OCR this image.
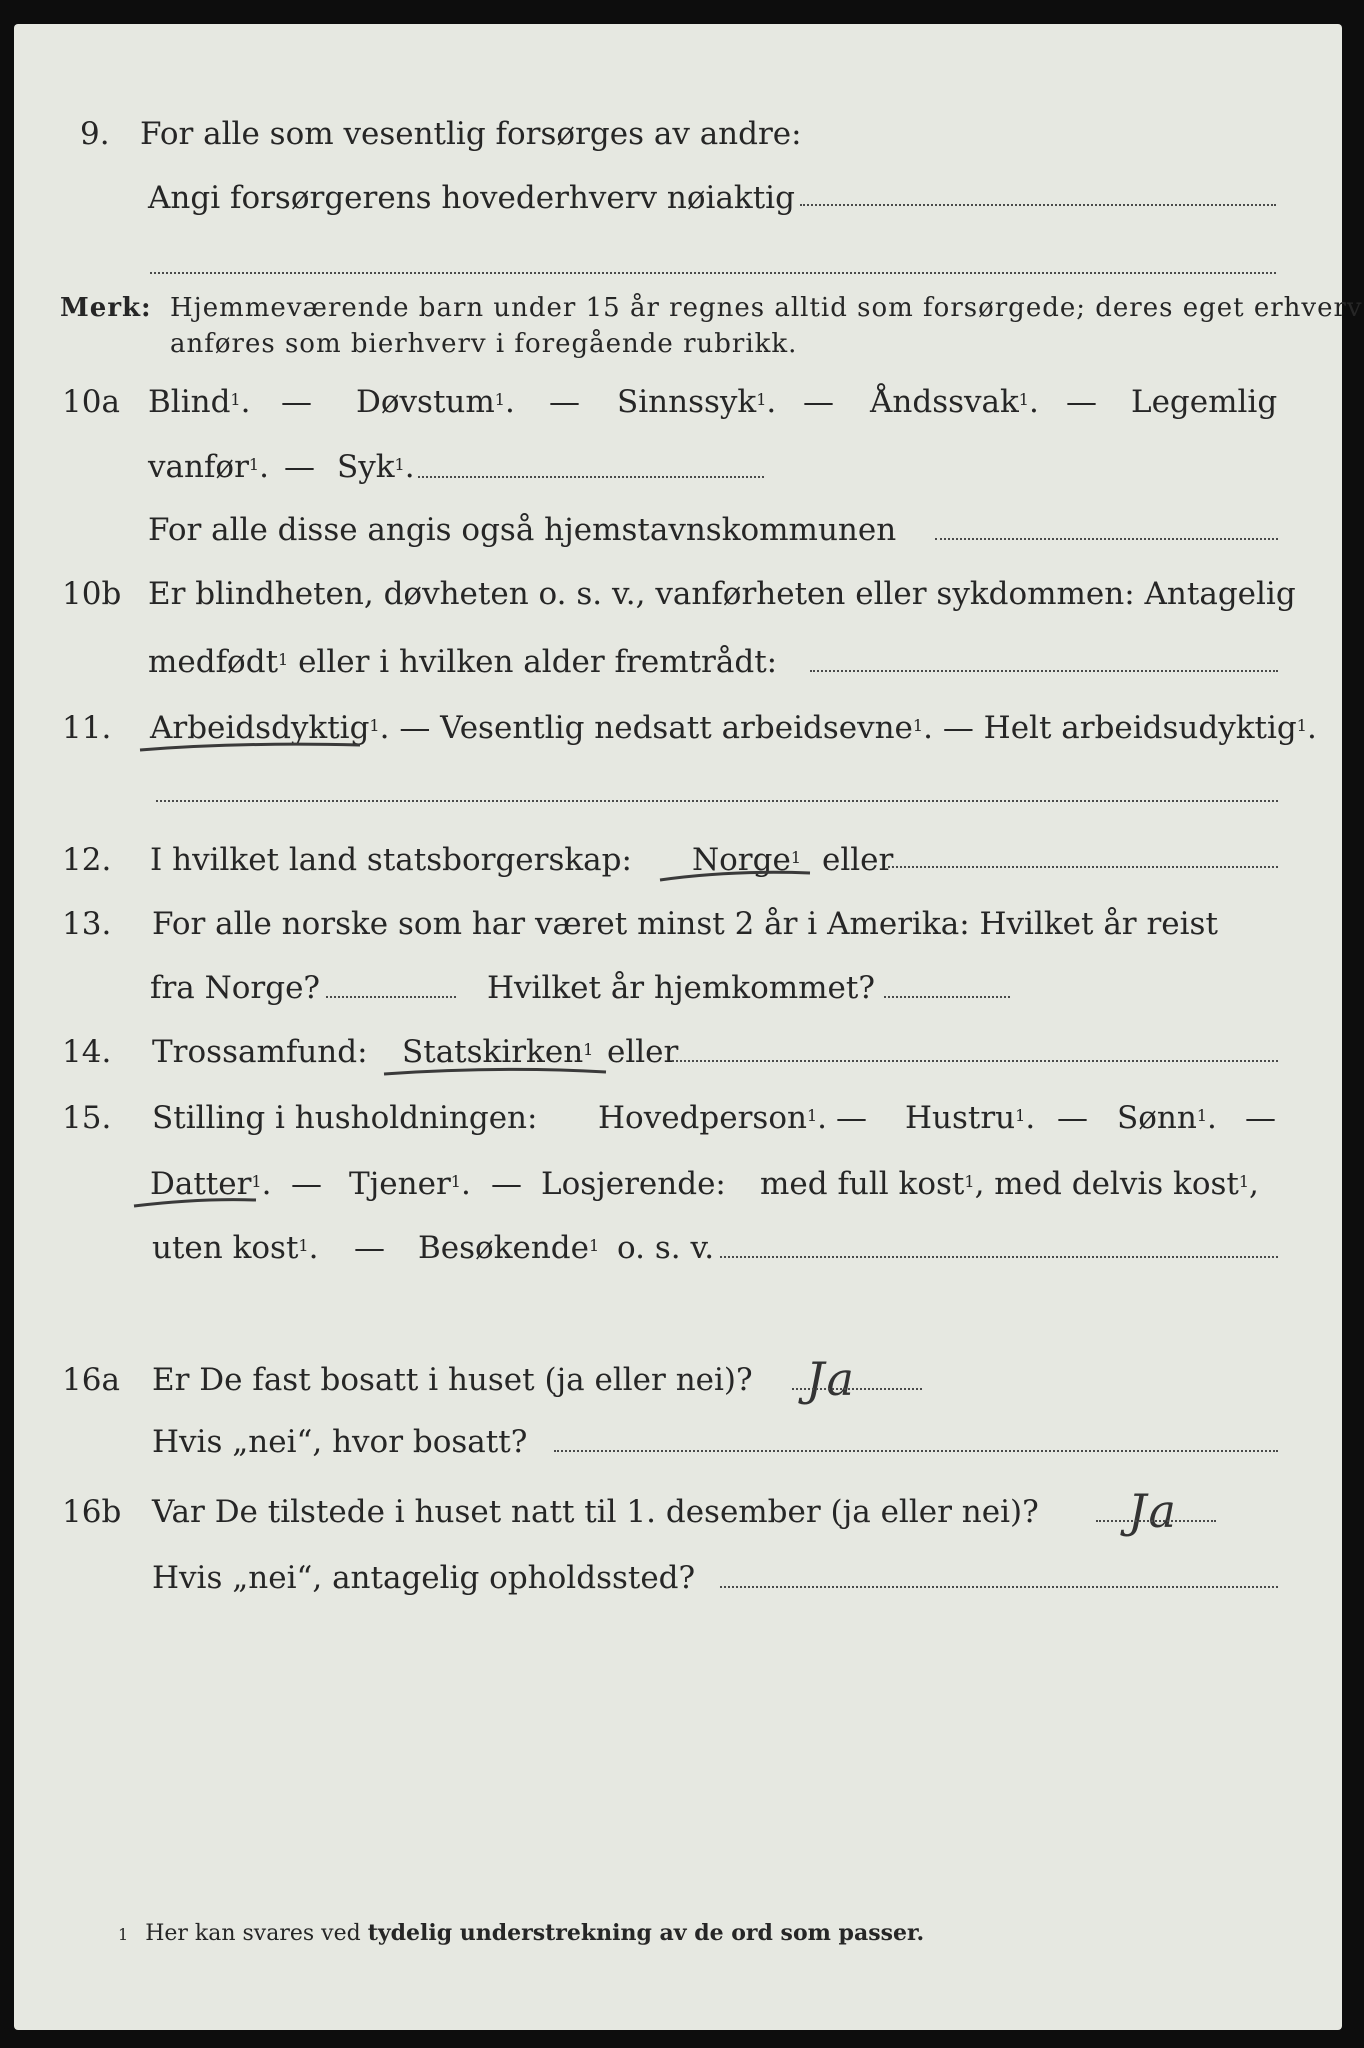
9. For alle som vesentlig forsørges av andre:
Angi forsørgerens hovederhverv nøiaktig
Merk: Hjemmeværende barn under 15 år regnes alltid som forsørgede; deres eget erhverv
anføres som bierhverv i foregående rubrikk.
10a Blind$^1$. — Døvstum$^1$. — Sinnssyk$^1$. — Åndssvak$^1$. — Legemlig
vanfør$^1$. — Syk$^1$.
For alle disse angis også hjemstavnskommunen
10b Er blindheten, døvheten o. s. v., vanførheten eller sykdommen: Antagelig
medfødt$^1$ eller i hvilken alder fremtrådt:
11. Arbeidsdyktig$^1$. — Vesentlig nedsatt arbeidsevne$^1$. — Helt arbeidsudyktig$^1$.
12. I hvilket land statsborgerskap: Norge$^1$ eller
13. For alle norske som har været minst 2 år i Amerika: Hvilket år reist
fra Norge?	Hvilket år hjemkommet?
14. Trossamfund: Statskirken$^1$ eller
15. Stilling i husholdningen: Hovedperson$^1$. — Hustru$^1$. — Sønn$^1$. —
Datter$^1$. — Tjener$^1$. — Losjerende: med full kost$^1$, med delvis kost$^1$,
uten kost$^1$. — Besøkende$^1$ o. s. v.
16a Er De fast bosatt i huset (ja eller nei)? Ja
Hvis „nei“, hvor bosatt?
16b Var De tilstede i huset natt til 1. desember (ja eller nei)? Ja
Hvis „nei“, antagelig opholdssted?
1 Her kan svares ved tydelig understrekning av de ord som passer.
